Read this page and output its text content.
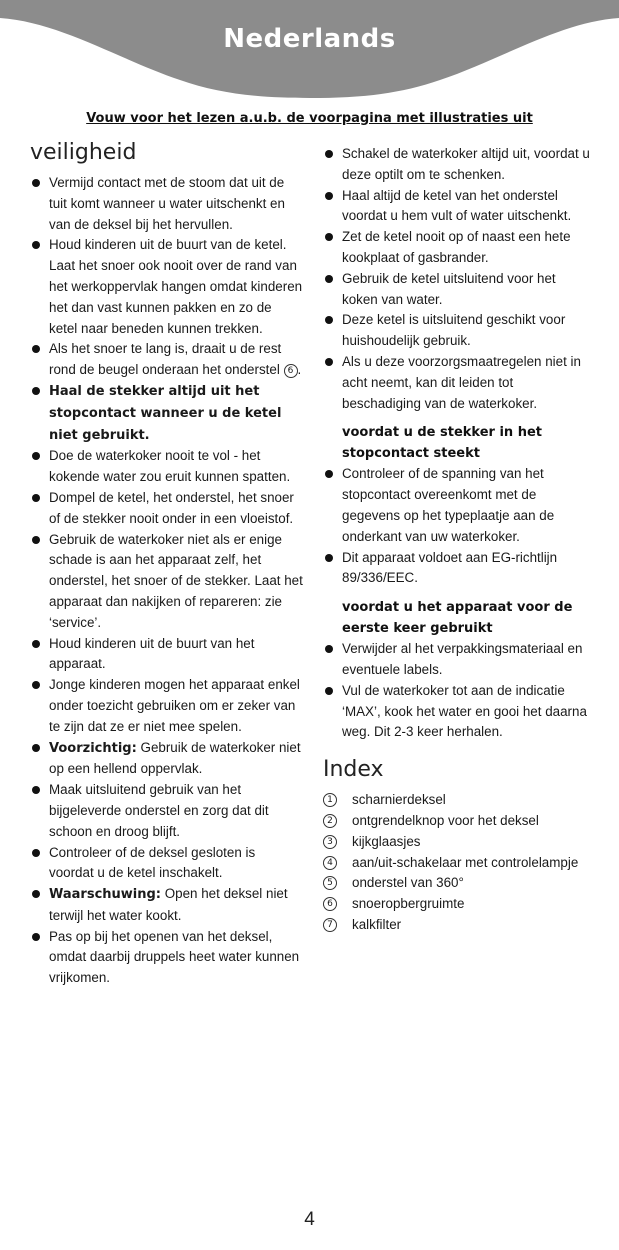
Nederlands
Vouw voor het lezen a.u.b. de voorpagina met illustraties uit
veiligheid
Vermijd contact met de stoom dat uit de tuit komt wanneer u water uitschenkt en van de deksel bij het hervullen.
Houd kinderen uit de buurt van de ketel. Laat het snoer ook nooit over de rand van het werkoppervlak hangen omdat kinderen het dan vast kunnen pakken en zo de ketel naar beneden kunnen trekken.
Als het snoer te lang is, draait u de rest rond de beugel onderaan het onderstel 6 .
Haal de stekker altijd uit het stopcontact wanneer u de ketel niet gebruikt.
Doe de waterkoker nooit te vol - het kokende water zou eruit kunnen spatten.
Dompel de ketel, het onderstel, het snoer of de stekker nooit onder in een vloeistof.
Gebruik de waterkoker niet als er enige schade is aan het apparaat zelf, het onderstel, het snoer of de stekker. Laat het apparaat dan nakijken of repareren: zie ‘service’.
Houd kinderen uit de buurt van het apparaat.
Jonge kinderen mogen het apparaat enkel onder toezicht gebruiken om er zeker van te zijn dat ze er niet mee spelen.
Voorzichtig: Gebruik de waterkoker niet op een hellend oppervlak.
Maak uitsluitend gebruik van het bijgeleverde onderstel en zorg dat dit schoon en droog blijft.
Controleer of de deksel gesloten is voordat u de ketel inschakelt.
Waarschuwing: Open het deksel niet terwijl het water kookt.
Pas op bij het openen van het deksel, omdat daarbij druppels heet water kunnen vrijkomen.
Schakel de waterkoker altijd uit, voordat u deze optilt om te schenken.
Haal altijd de ketel van het onderstel voordat u hem vult of water uitschenkt.
Zet de ketel nooit op of naast een hete kookplaat of gasbrander.
Gebruik de ketel uitsluitend voor het koken van water.
Deze ketel is uitsluitend geschikt voor huishoudelijk gebruik.
Als u deze voorzorgsmaatregelen niet in acht neemt, kan dit leiden tot beschadiging van de waterkoker.
voordat u de stekker in het stopcontact steekt
Controleer of de spanning van het stopcontact overeenkomt met de gegevens op het typeplaatje aan de onderkant van uw waterkoker.
Dit apparaat voldoet aan EG-richtlijn 89/336/EEC.
voordat u het apparaat voor de eerste keer gebruikt
Verwijder al het verpakkingsmateriaal en eventuele labels.
Vul de waterkoker tot aan de indicatie ‘MAX’, kook het water en gooi het daarna weg. Dit 2-3 keer herhalen.
Index
1	scharnierdeksel
2	ontgrendelknop voor het deksel
3	kijkglaasjes
4	aan/uit-schakelaar met controlelampje
5	onderstel van 360°
6	snoeropbergruimte
7	kalkfilter
4
